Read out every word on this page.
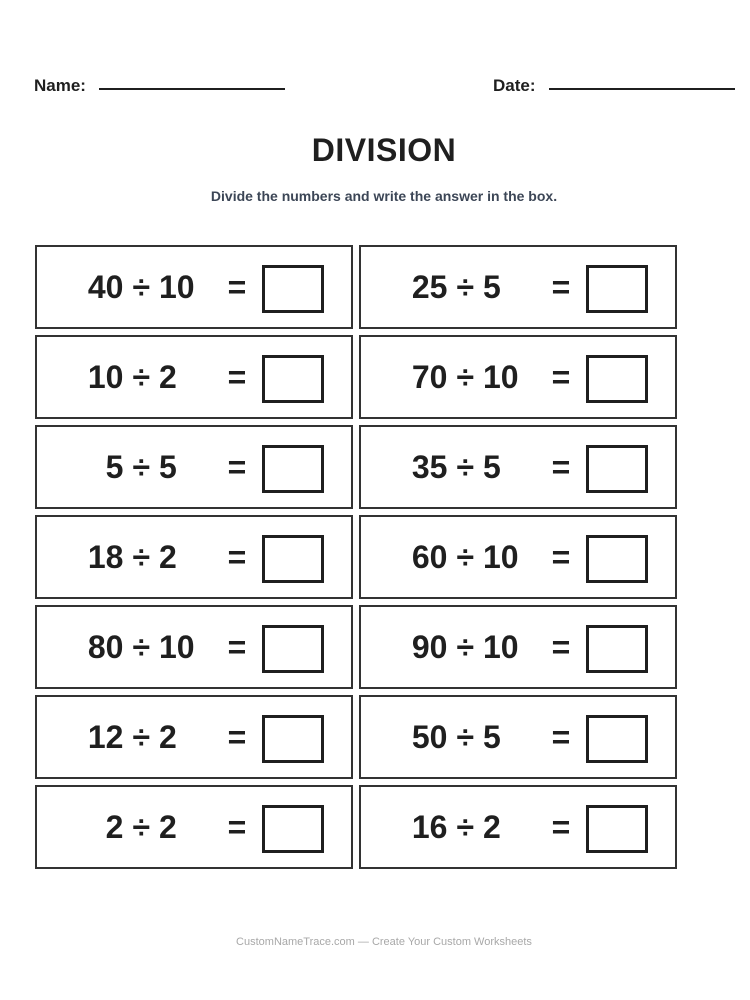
Name:	Date:
DIVISION
Divide the numbers and write the answer in the box.
40 ÷ 10 =	25 ÷ 5	=
10 ÷ 2	=	70 ÷ 10 =
5 ÷ 5	=	35 ÷ 5	=
18 ÷ 2	=	60 ÷ 10 =
80 ÷ 10 =	90 ÷ 10 =
12 ÷ 2	=	50 ÷ 5	=
2 ÷ 2	=	16 ÷ 2	=
CustomNameTrace.com — Create Your Custom Worksheets
